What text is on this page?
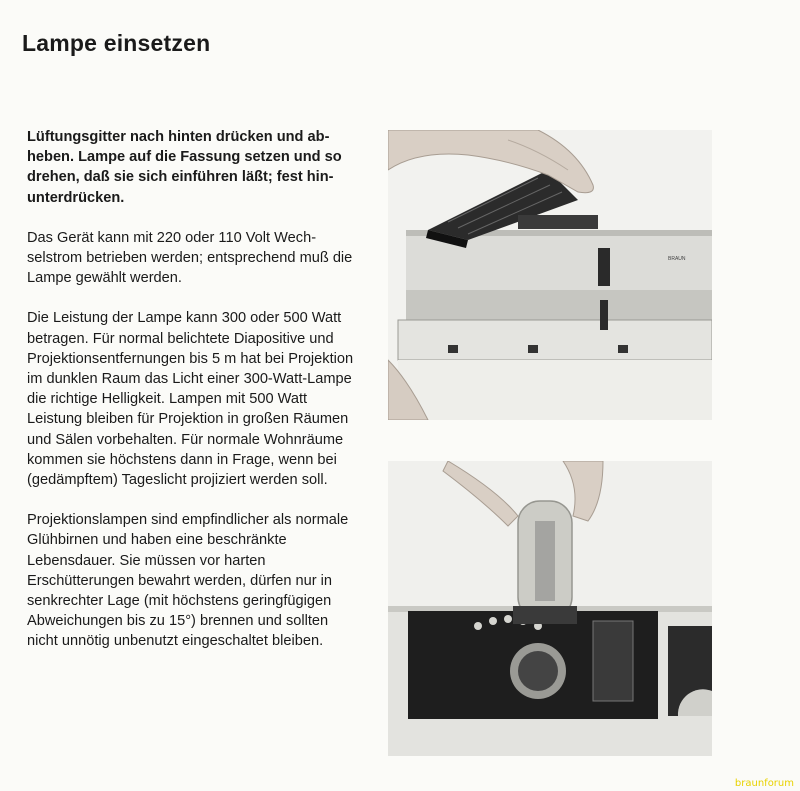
Lampe einsetzen

Lüftungsgitter nach hinten drücken und abheben. Lampe auf die Fassung setzen und so drehen, daß sie sich einführen läßt; fest hinunterdrücken.

Das Gerät kann mit 220 oder 110 Volt Wechselstrom betrieben werden; entsprechend muß die Lampe gewählt werden.

Die Leistung der Lampe kann 300 oder 500 Watt betragen. Für normal belichtete Diapositive und Projektionsentfernungen bis 5 m hat bei Projektion im dunklen Raum das Licht einer 300-Watt-Lampe die richtige Helligkeit. Lampen mit 500 Watt Leistung bleiben für Projektion in großen Räumen und Sälen vorbehalten. Für normale Wohnräume kommen sie höchstens dann in Frage, wenn bei (gedämpftem) Tageslicht projiziert werden soll.

Projektionslampen sind empfindlicher als normale Glühbirnen und haben eine beschränkte Lebensdauer. Sie müssen vor harten Erschütterungen bewahrt werden, dürfen nur in senkrechter Lage (mit höchstens geringfügigen Abweichungen bis zu 15°) brennen und sollten nicht unnötig unbenutzt eingeschaltet bleiben.

BRAUN
braunforum
